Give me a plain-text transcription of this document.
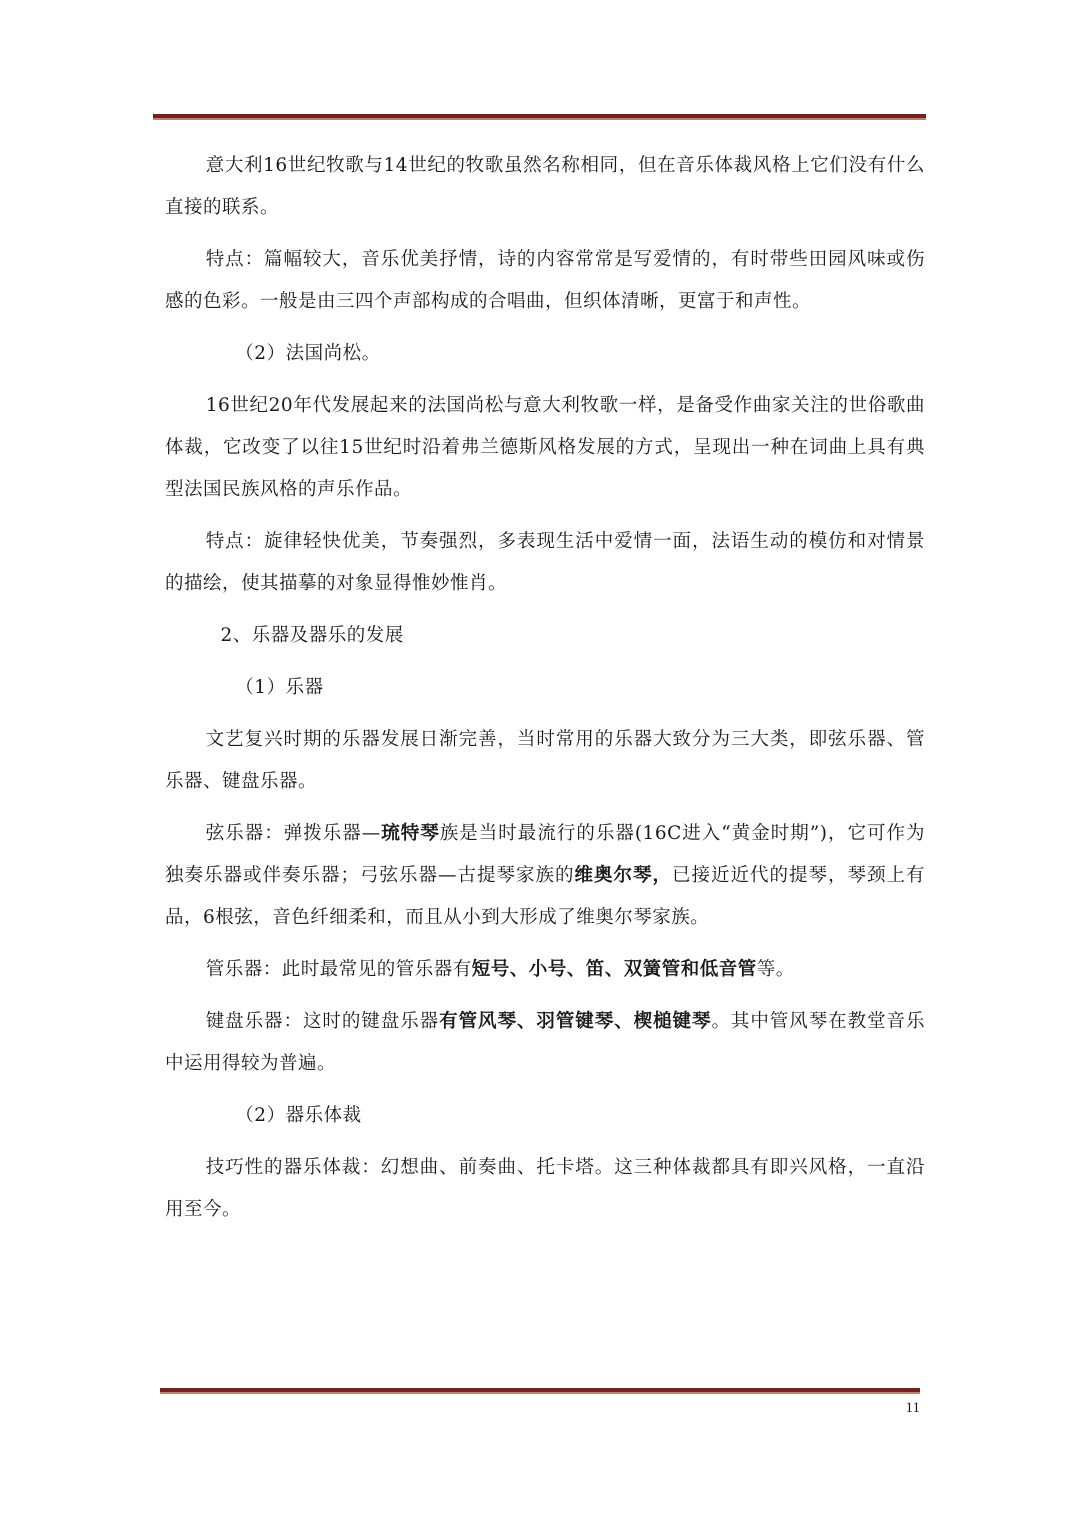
意大利16世纪牧歌与14世纪的牧歌虽然名称相同，但在音乐体裁风格上它们没有什么直接的联系。

特点：篇幅较大，音乐优美抒情，诗的内容常常是写爱情的，有时带些田园风味或伤感的色彩。一般是由三四个声部构成的合唱曲，但织体清晰，更富于和声性。

（2）法国尚松。

16世纪20年代发展起来的法国尚松与意大利牧歌一样，是备受作曲家关注的世俗歌曲体裁，它改变了以往15世纪时沿着弗兰德斯风格发展的方式，呈现出一种在词曲上具有典型法国民族风格的声乐作品。

特点：旋律轻快优美，节奏强烈，多表现生活中爱情一面，法语生动的模仿和对情景的描绘，使其描摹的对象显得惟妙惟肖。

2、乐器及器乐的发展

（1）乐器

文艺复兴时期的乐器发展日渐完善，当时常用的乐器大致分为三大类，即弦乐器、管乐器、键盘乐器。

弦乐器：弹拨乐器—琉特琴族是当时最流行的乐器(16C进入“黄金时期”)，它可作为独奏乐器或伴奏乐器；弓弦乐器—古提琴家族的维奥尔琴，已接近近代的提琴，琴颈上有品，6根弦，音色纤细柔和，而且从小到大形成了维奥尔琴家族。

管乐器：此时最常见的管乐器有短号、小号、笛、双簧管和低音管等。

键盘乐器：这时的键盘乐器有管风琴、羽管键琴、楔槌键琴。其中管风琴在教堂音乐中运用得较为普遍。

（2）器乐体裁

技巧性的器乐体裁：幻想曲、前奏曲、托卡塔。这三种体裁都具有即兴风格，一直沿用至今。

11
